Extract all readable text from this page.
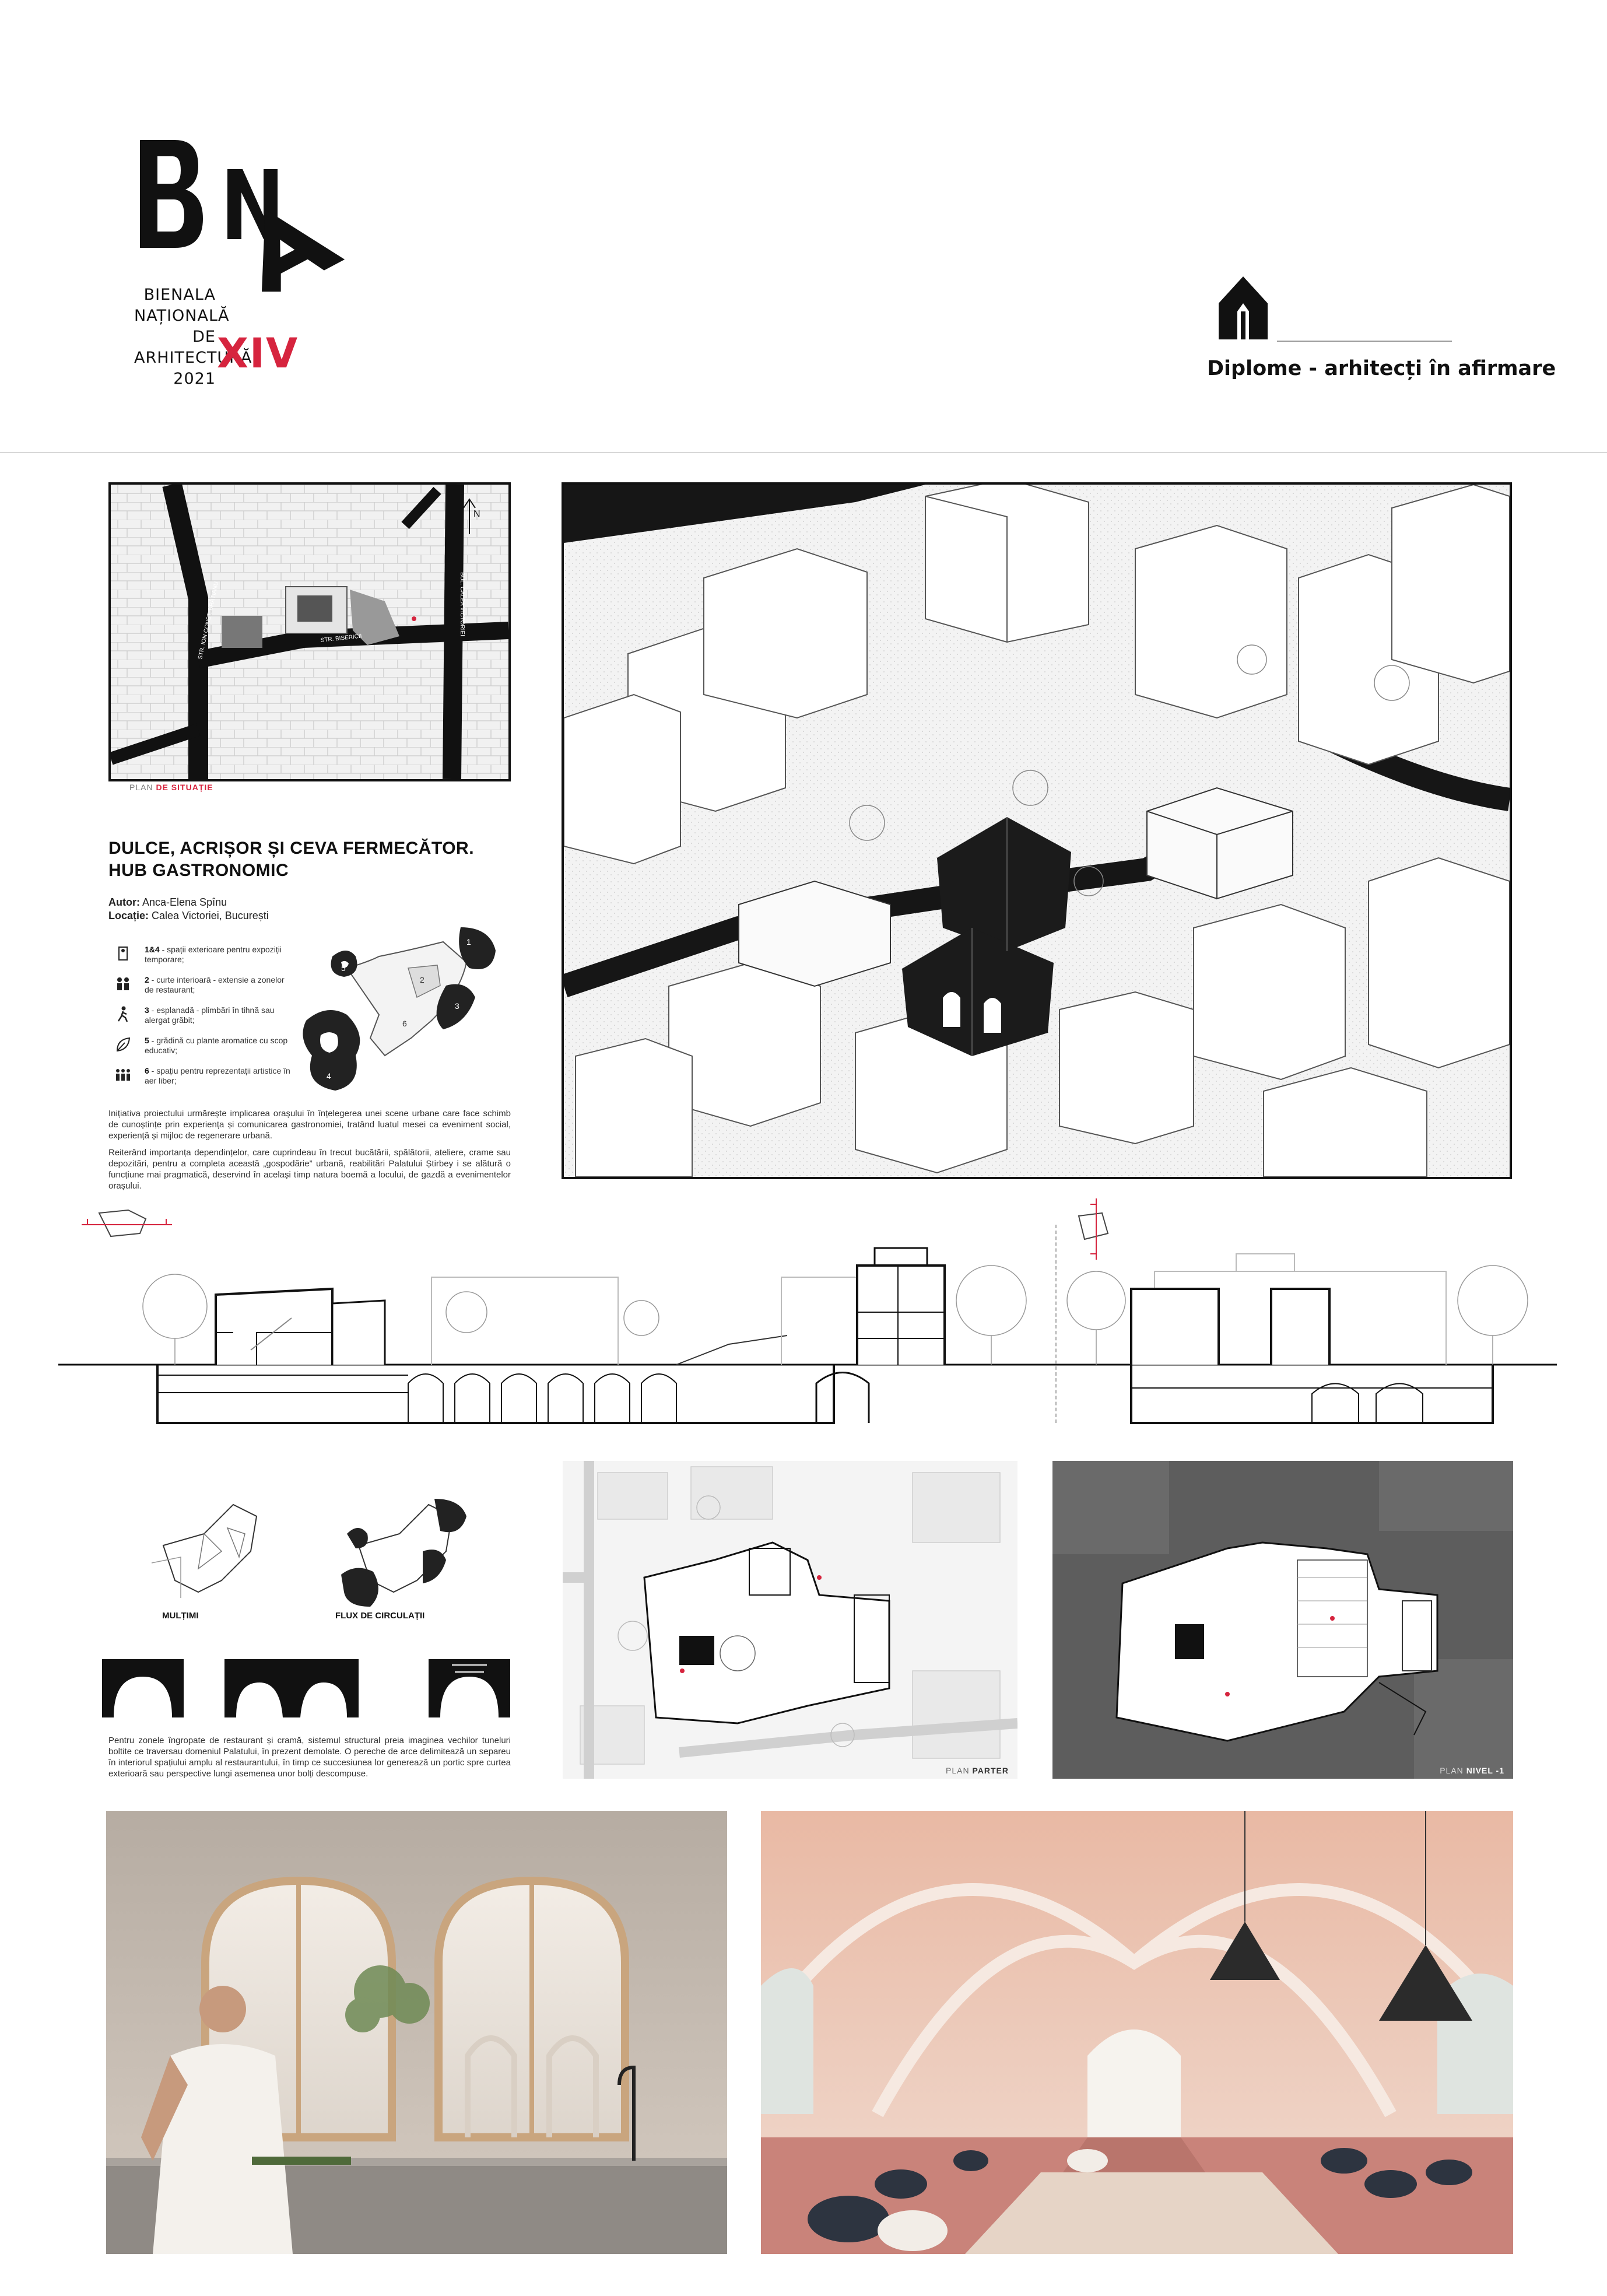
BIENALA
NAȚIONALĂ
DE
ARHITECTURĂ
2021
XIV	Diplome - arhitecți în afirmare
N
BUL. CALEA VICTORIEI
STR. BISERICII
STR. ION CONST. BRĂTIANU
PLAN DE SITUAȚIE
DULCE, ACRIȘOR ȘI CEVA FERMECĂTOR.
HUB GASTRONOMIC
Autor: Anca-Elena Spînu
Locație: Calea Victoriei, București
1&4 - spații exterioare pentru expoziții temporare;
2 - curte interioară - extensie a zonelor de restaurant;
3 - esplanadă - plimbări în tihnă sau alergat grăbit;
5 - grădină cu plante aromatice cu scop educativ;
6 - spațiu pentru reprezentații artistice în aer liber;
1
2
3
4
5
6

Inițiativa proiectului urmărește implicarea orașului în înțelegerea unei scene urbane care face schimb de cunoștințe prin experiența și comunicarea gastronomiei, tratând luatul mesei ca eveniment social, experiență și mijloc de regenerare urbană.

Reiterând importanța dependințelor, care cuprindeau în trecut bucătării, spălătorii, ateliere, crame sau depozitări, pentru a completa această „gospodărie” urbană, reabilitări Palatului Știrbey i se alătură o funcțiune mai pragmatică, deservind în același timp natura boemă a locului, de gazdă a evenimentelor orașului.

MULȚIMI	FLUX DE CIRCULAȚII
Pentru zonele îngropate de restaurant și cramă, sistemul structural preia imaginea vechilor tuneluri boltite ce traversau domeniul Palatului, în prezent demolate. O pereche de arce delimitează un separeu în interiorul spațiului amplu al restaurantului, în timp ce succesiunea lor generează un portic spre curtea exterioară sau perspective lungi asemenea unor bolți descompuse.	PLAN PARTER	PLAN NIVEL -1
